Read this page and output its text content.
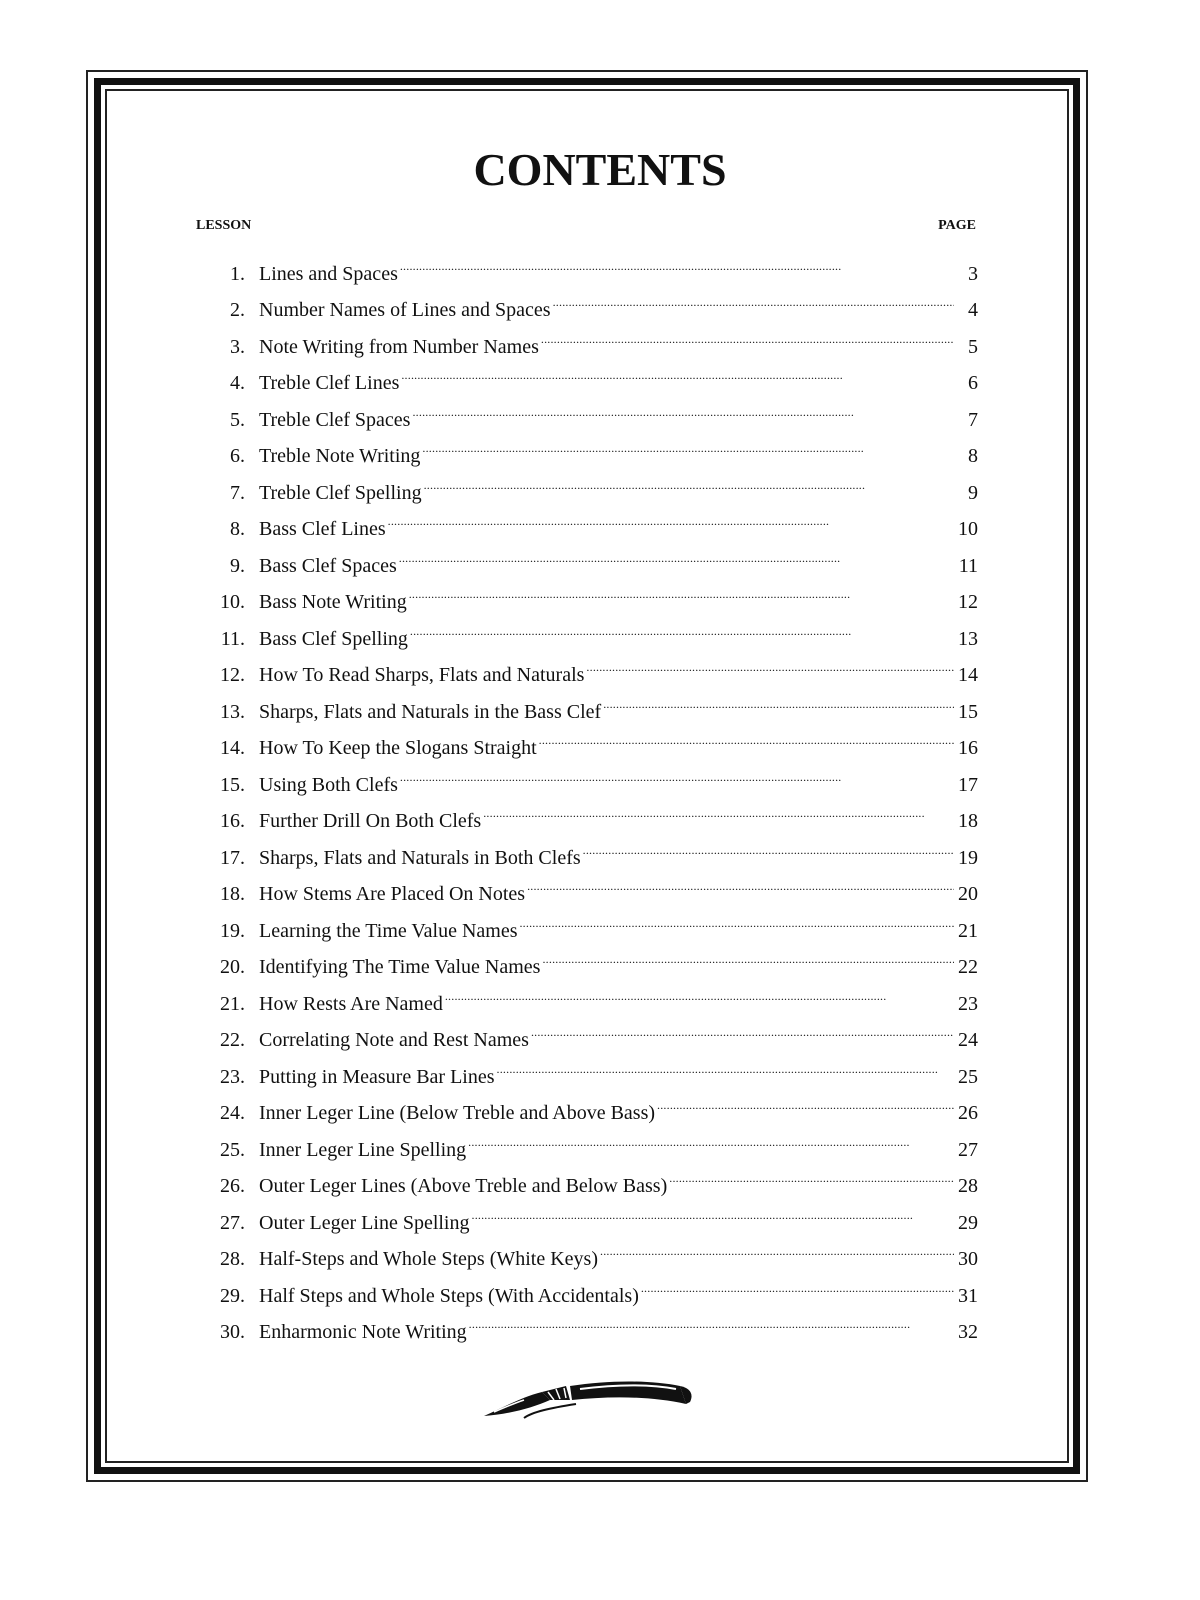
CONTENTS
LESSON	PAGE
1. Lines and Spaces . . .	3
2. Number Names of Lines and Spaces . . .	4
3. Note Writing from Number Names . . .	5
4. Treble Clef Lines . . .	6
5. Treble Clef Spaces . . .	7
6. Treble Note Writing . . .	8
7. Treble Clef Spelling . . .	9
8. Bass Clef Lines . . .	10
9. Bass Clef Spaces . . .	11
10. Bass Note Writing . . .	12
11. Bass Clef Spelling . . .	13
12. How To Read Sharps, Flats and Naturals . . .	14
13. Sharps, Flats and Naturals in the Bass Clef . . .	15
14. How To Keep the Slogans Straight . . .	16
15. Using Both Clefs . . .	17
16. Further Drill On Both Clefs . . .	18
17. Sharps, Flats and Naturals in Both Clefs . . .	19
18. How Stems Are Placed On Notes . . .	20
19. Learning the Time Value Names . . .	21
20. Identifying The Time Value Names . . .	22
21. How Rests Are Named . . .	23
22. Correlating Note and Rest Names . . .	24
23. Putting in Measure Bar Lines . . .	25
24. Inner Leger Line (Below Treble and Above Bass) . . .	26
25. Inner Leger Line Spelling . . .	27
26. Outer Leger Lines (Above Treble and Below Bass) . . .	28
27. Outer Leger Line Spelling . . .	29
28. Half-Steps and Whole Steps (White Keys) . . .	30
29. Half Steps and Whole Steps (With Accidentals) . . .	31
30. Enharmonic Note Writing . . .	32
